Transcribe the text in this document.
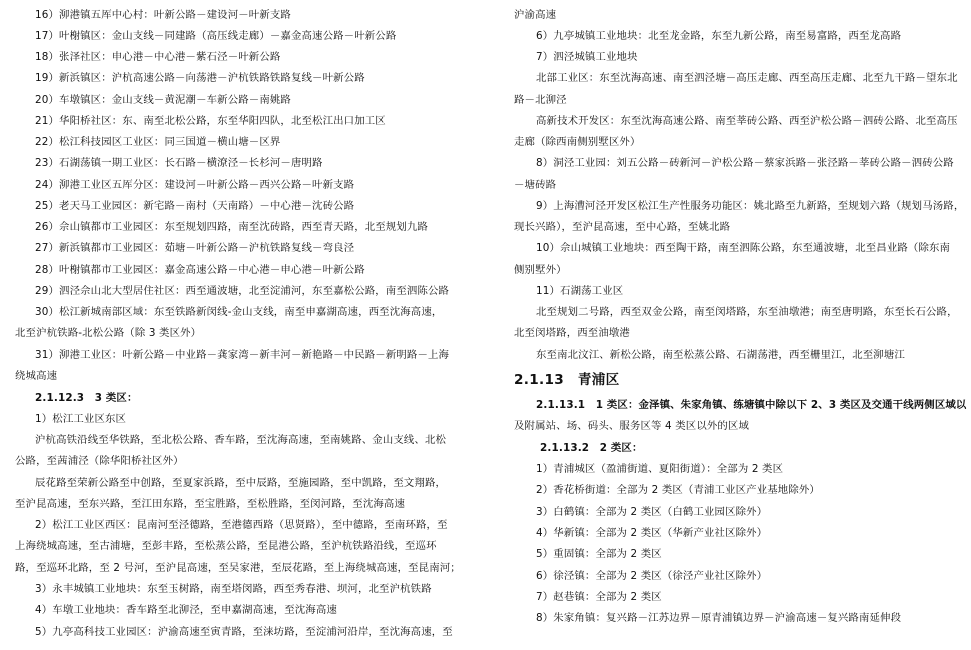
16）泖港镇五厍中心村：叶新公路－建设河－叶新支路
17）叶榭镇区：金山支线－同建路（高压线走廊）－嘉金高速公路－叶新公路
18）张泽社区：申心港－中心港－紫石泾－叶新公路
19）新浜镇区：沪杭高速公路－向荡港－沪杭铁路铁路复线－叶新公路
20）车墩镇区：金山支线－黄泥潮－车新公路－南姚路
21）华阳桥社区：东、南至北松公路，东至华阳四队，北至松江出口加工区
22）松江科技园区工业区：同三国道－横山塘－区界
23）石湖荡镇一期工业区：长石路－横潦泾－长杉河－唐明路
24）泖港工业区五厍分区：建设河－叶新公路－西兴公路－叶新支路
25）老天马工业园区：新宅路－南村（天南路）－中心港－沈砖公路
26）佘山镇都市工业园区：东至规划四路，南至沈砖路，西至青天路，北至规划九路
27）新浜镇都市工业园区：茹塘－叶新公路－沪杭铁路复线－弯良泾
28）叶榭镇都市工业园区：嘉金高速公路－中心港－申心港－叶新公路
29）泗泾佘山北大型居住社区：西至通波塘，北至淀浦河，东至嘉松公路，南至泗陈公路
30）松江新城南部区域：东至铁路新闵线-金山支线，南至申嘉湖高速，西至沈海高速，
北至沪杭铁路-北松公路（除 3 类区外）
31）泖港工业区：叶新公路－中业路－龚家湾－新丰河－新艳路－中民路－新明路－上海
绕城高速
2.1.12.3　3 类区：
1）松江工业区东区
沪杭高铁沿线至华铁路，至北松公路、香车路，至沈海高速，至南姚路、金山支线、北松
公路，至茜浦泾（除华阳桥社区外）
辰花路至荣新公路至中创路，至夏家浜路，至中辰路，至施园路，至中凯路，至文翔路，
至沪昆高速，至东兴路，至江田东路，至宝胜路，至松胜路，至闵河路，至沈海高速
2）松江工业区西区：昆南河至泾德路，至港德西路（思贤路），至中德路，至南环路，至
上海绕城高速，至古浦塘，至彭丰路，至松蒸公路，至昆港公路，至沪杭铁路沿线，至巡环
路，至巡环北路，至 2 号河，至沪昆高速，至吴家港，至辰花路，至上海绕城高速，至昆南河；
3）永丰城镇工业地块：东至玉树路，南至塔闵路，西至秀春港、坝河，北至沪杭铁路
4）车墩工业地块：香车路至北泖泾，至申嘉湖高速，至沈海高速
5）九亭高科技工业园区：沪渝高速至寅青路，至涞坊路，至淀浦河沿岸，至沈海高速，至
沪渝高速
6）九亭城镇工业地块：北至龙金路，东至九新公路，南至易富路，西至龙高路
7）泗泾城镇工业地块
北部工业区：东至沈海高速、南至泗泾塘－高压走廊、西至高压走廊、北至九干路－望东北
路－北泖泾
高新技术开发区：东至沈海高速公路、南至莘砖公路、西至沪松公路－泗砖公路、北至高压
走廊（除西南侧别墅区外）
8）洞泾工业园：刘五公路－砖新河－沪松公路－蔡家浜路－张泾路－莘砖公路－泗砖公路
－塘砖路
9）上海漕河泾开发区松江生产性服务功能区：姚北路至九新路，至规划六路（规划马汤路，
现长兴路），至沪昆高速，至中心路，至姚北路
10）佘山城镇工业地块：西至陶干路，南至泗陈公路，东至通波塘，北至昌业路（除东南
侧别墅外）
11）石湖荡工业区
北至规划二号路，西至双金公路，南至闵塔路，东至油墩港；南至唐明路，东至长石公路，
北至闵塔路，西至油墩港
东至南北汶江、新松公路，南至松蒸公路、石湖荡港，西至栅里江，北至泖塘江
2.1.13　青浦区
2.1.13.1　1 类区：金泽镇、朱家角镇、练塘镇中除以下 2、3 类区及交通干线两侧区域以
及附属站、场、码头、服务区等 4 类区以外的区域
2.1.13.2　2 类区：
1）青浦城区（盈浦街道、夏阳街道）：全部为 2 类区
2）香花桥街道：全部为 2 类区（青浦工业区产业基地除外）
3）白鹤镇：全部为 2 类区（白鹤工业园区除外）
4）华新镇：全部为 2 类区（华新产业社区除外）
5）重固镇：全部为 2 类区
6）徐泾镇：全部为 2 类区（徐泾产业社区除外）
7）赵巷镇：全部为 2 类区
8）朱家角镇：复兴路－江苏边界－原青浦镇边界－沪渝高速－复兴路南延伸段
